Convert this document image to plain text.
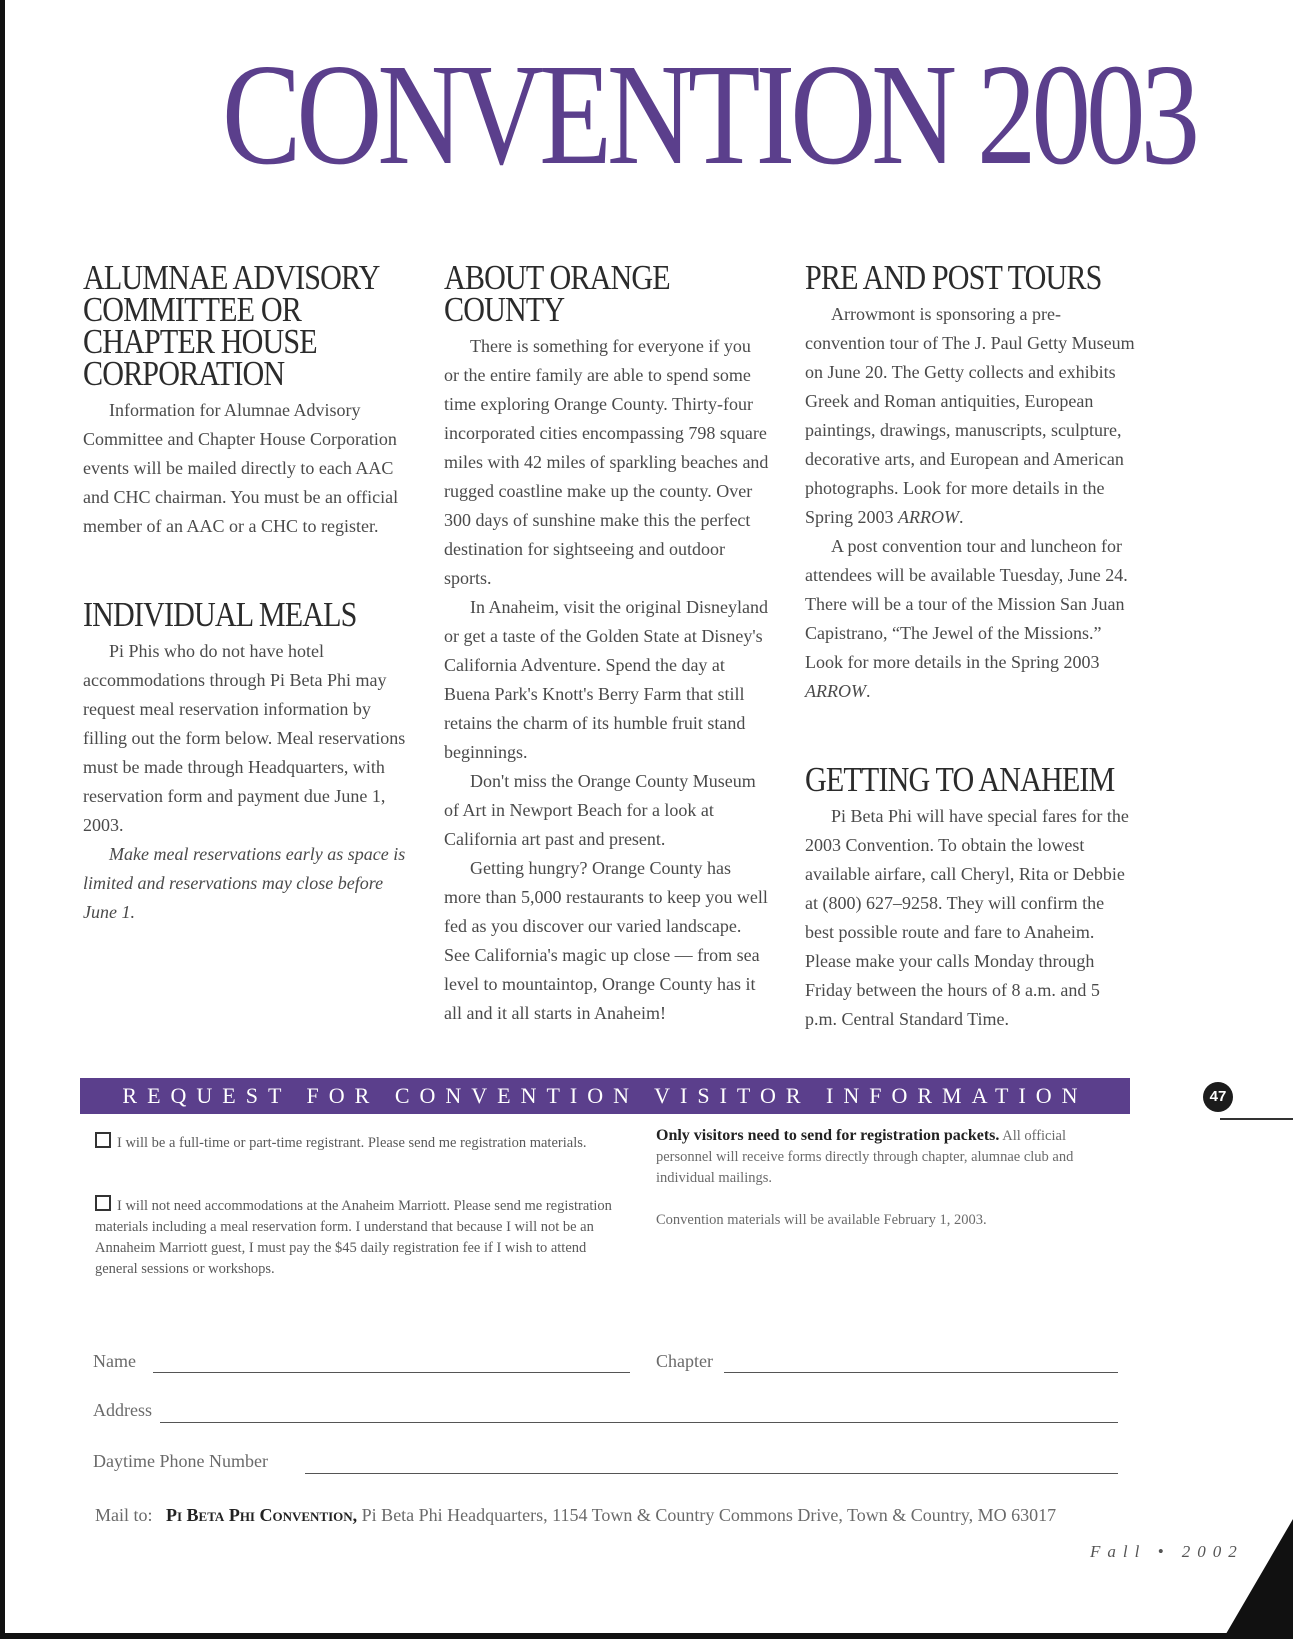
CONVENTION 2003
ALUMNAE ADVISORY COMMITTEE OR CHAPTER HOUSE CORPORATION

Information for Alumnae Advisory Committee and Chapter House Corporation events will be mailed directly to each AAC and CHC chairman. You must be an official member of an AAC or a CHC to register.

INDIVIDUAL MEALS

Pi Phis who do not have hotel accommodations through Pi Beta Phi may request meal reservation information by filling out the form below. Meal reservations must be made through Headquarters, with reservation form and payment due June 1, 2003.

Make meal reservations early as space is limited and reservations may close before June 1.

ABOUT ORANGE COUNTY

There is something for everyone if you or the entire family are able to spend some time exploring Orange County. Thirty-four incorporated cities encompassing 798 square miles with 42 miles of sparkling beaches and rugged coastline make up the county. Over 300 days of sunshine make this the perfect destination for sightseeing and outdoor sports.

In Anaheim, visit the original Disneyland or get a taste of the Golden State at Disney's California Adventure. Spend the day at Buena Park's Knott's Berry Farm that still retains the charm of its humble fruit stand beginnings.

Don't miss the Orange County Museum of Art in Newport Beach for a look at California art past and present.

Getting hungry? Orange County has more than 5,000 restaurants to keep you well fed as you discover our varied landscape. See California's magic up close — from sea level to mountaintop, Orange County has it all and it all starts in Anaheim!

PRE AND POST TOURS

Arrowmont is sponsoring a pre-convention tour of The J. Paul Getty Museum on June 20. The Getty collects and exhibits Greek and Roman antiquities, European paintings, drawings, manuscripts, sculpture, decorative arts, and European and American photographs. Look for more details in the Spring 2003 ARROW.

A post convention tour and luncheon for attendees will be available Tuesday, June 24. There will be a tour of the Mission San Juan Capistrano, “The Jewel of the Missions.” Look for more details in the Spring 2003 ARROW.

GETTING TO ANAHEIM

Pi Beta Phi will have special fares for the 2003 Convention. To obtain the lowest available airfare, call Cheryl, Rita or Debbie at (800) 627–9258. They will confirm the best possible route and fare to Anaheim. Please make your calls Monday through Friday between the hours of 8 a.m. and 5 p.m. Central Standard Time.

REQUEST FOR CONVENTION VISITOR INFORMATION	47
I will be a full-time or part-time registrant. Please send me registration materials.
I will not need accommodations at the Anaheim Marriott. Please send me registration materials including a meal reservation form. I understand that because I will not be an Annaheim Marriott guest, I must pay the $45 daily registration fee if I wish to attend general sessions or workshops.
Only visitors need to send for registration packets. All official personnel will receive forms directly through chapter, alumnae club and individual mailings.
Convention materials will be available February 1, 2003.
Name	Chapter
Address
Daytime Phone Number
Mail to: Pi Beta Phi Convention, Pi Beta Phi Headquarters, 1154 Town & Country Commons Drive, Town & Country, MO 63017
Fall • 2002
